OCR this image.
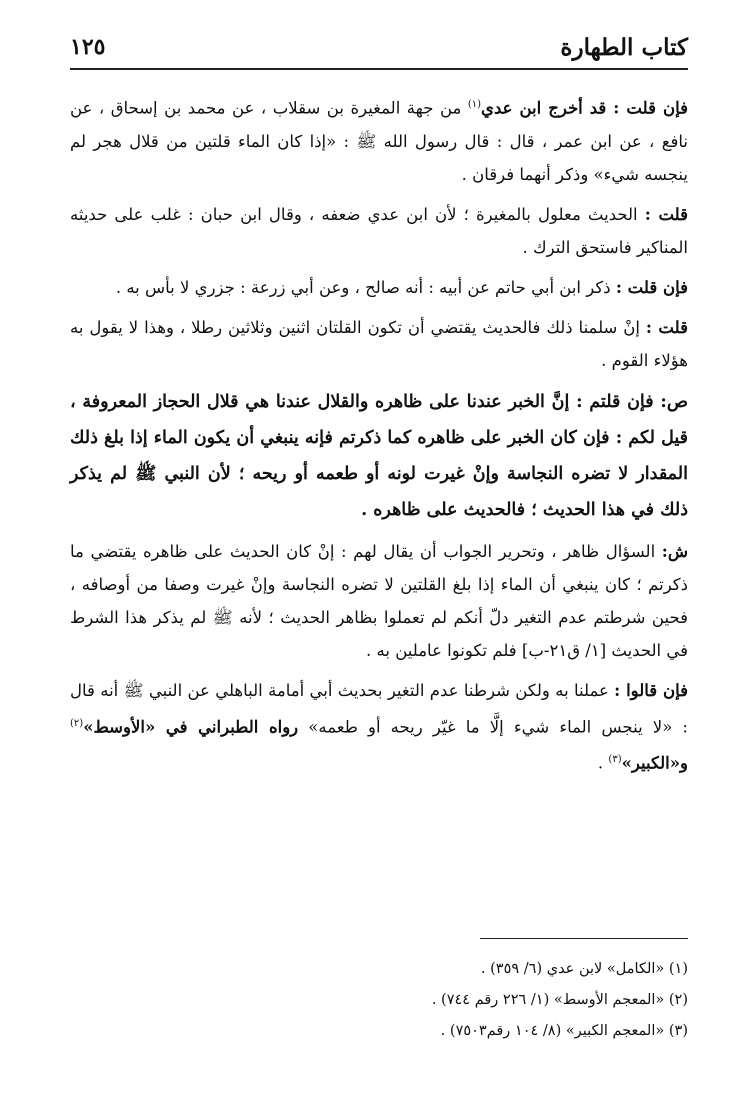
كتاب الطهارة
١٢٥

فإن قلت : قد أخرج ابن عدي$^{(١)}$ من جهة المغيرة بن سقلاب ، عن محمد بن إسحاق ، عن نافع ، عن ابن عمر ، قال : قال رسول الله ﷺ : «إذا كان الماء قلتين من قلال هجر لم ينجسه شيء» وذكر أنهما فرقان .

قلت : الحديث معلول بالمغيرة ؛ لأن ابن عدي ضعفه ، وقال ابن حبان : غلب على حديثه المناكير فاستحق الترك .

فإن قلت : ذكر ابن أبي حاتم عن أبيه : أنه صالح ، وعن أبي زرعة : جزري لا بأس به .

قلت : إنْ سلمنا ذلك فالحديث يقتضي أن تكون القلتان اثنين وثلاثين رطلا ، وهذا لا يقول به هؤلاء القوم .

ص: فإن قلتم : إنَّ الخبر عندنا على ظاهره والقلال عندنا هي قلال الحجاز المعروفة ، قيل لكم : فإن كان الخبر على ظاهره كما ذكرتم فإنه ينبغي أن يكون الماء إذا بلغ ذلك المقدار لا تضره النجاسة وإنْ غيرت لونه أو طعمه أو ريحه ؛ لأن النبي ﷺ لم يذكر ذلك في هذا الحديث ؛ فالحديث على ظاهره .

ش: السؤال ظاهر ، وتحرير الجواب أن يقال لهم : إنْ كان الحديث على ظاهره يقتضي ما ذكرتم ؛ كان ينبغي أن الماء إذا بلغ القلتين لا تضره النجاسة وإنْ غيرت وصفا من أوصافه ، فحين شرطتم عدم التغير دلّ أنكم لم تعملوا بظاهر الحديث ؛ لأنه ﷺ لم يذكر هذا الشرط في الحديث [١/ ق٢١-ب] فلم تكونوا عاملين به .

فإن قالوا : عملنا به ولكن شرطنا عدم التغير بحديث أبي أمامة الباهلي عن النبي ﷺ أنه قال : «لا ينجس الماء شيء إلَّا ما غيّر ريحه أو طعمه» رواه الطبراني في «الأوسط»$^{(٢)}$ و«الكبير»$^{(٣)}$ .

(١) «الكامل» لابن عدي (٦/ ٣٥٩) .

(٢) «المعجم الأوسط» (١/ ٢٢٦ رقم ٧٤٤) .

(٣) «المعجم الكبير» (٨/ ١٠٤ رقم٧٥٠٣) .
